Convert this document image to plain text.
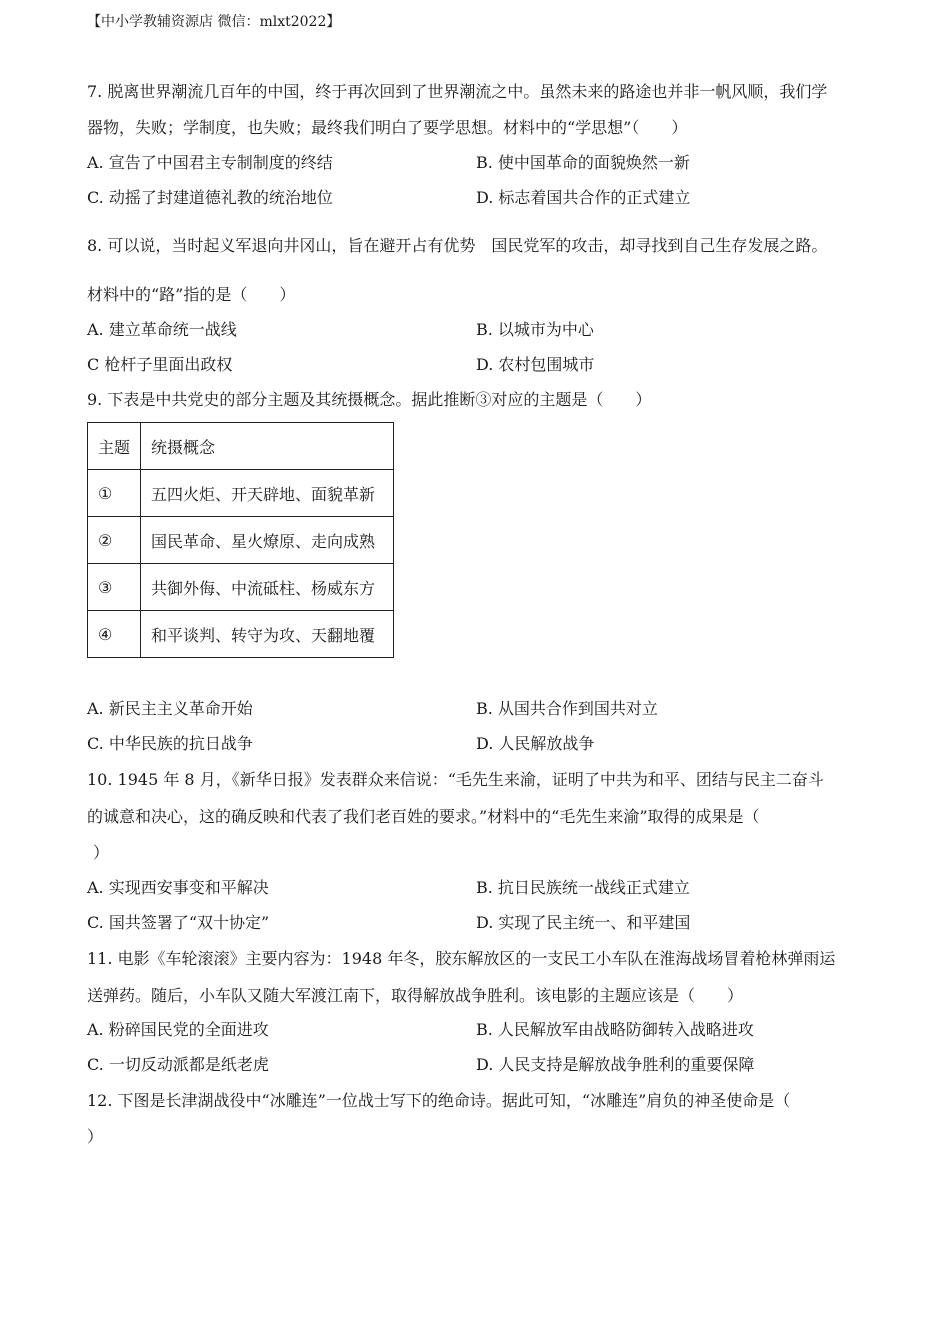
【中小学教辅资源店 微信：mlxt2022】
7. 脱离世界潮流几百年的中国，终于再次回到了世界潮流之中。虽然未来的路途也并非一帆风顺，我们学
器物，失败；学制度，也失败；最终我们明白了要学思想。材料中的“学思想”（　　）
A. 宣告了中国君主专制制度的终结	B. 使中国革命的面貌焕然一新
C. 动摇了封建道德礼教的统治地位	D. 标志着国共合作的正式建立
8. 可以说，当时起义军退向井冈山，旨在避开占有优势　国民党军的攻击，却寻找到自己生存发展之路。
材料中的“路”指的是（　　）
A. 建立革命统一战线	B. 以城市为中心
C 枪杆子里面出政权	D. 农村包围城市
9. 下表是中共党史的部分主题及其统摄概念。据此推断③对应的主题是（　　）
主题	统摄概念
①	五四火炬、开天辟地、面貌革新
②	国民革命、星火燎原、走向成熟
③	共御外侮、中流砥柱、杨威东方
④	和平谈判、转守为攻、天翻地覆
A. 新民主主义革命开始	B. 从国共合作到国共对立
C. 中华民族的抗日战争	D. 人民解放战争
10. 1945 年 8 月，《新华日报》发表群众来信说：“毛先生来渝，证明了中共为和平、团结与民主二奋斗
的诚意和决心，这的确反映和代表了我们老百姓的要求。”材料中的“毛先生来渝”取得的成果是（
）
A. 实现西安事变和平解决	B. 抗日民族统一战线正式建立
C. 国共签署了“双十协定”	D. 实现了民主统一、和平建国
11. 电影《车轮滚滚》主要内容为：1948 年冬，胶东解放区的一支民工小车队在淮海战场冒着枪林弹雨运
送弹药。随后，小车队又随大军渡江南下，取得解放战争胜利。该电影的主题应该是（　　）
A. 粉碎国民党的全面进攻	B. 人民解放军由战略防御转入战略进攻
C. 一切反动派都是纸老虎	D. 人民支持是解放战争胜利的重要保障
12. 下图是长津湖战役中“冰雕连”一位战士写下的绝命诗。据此可知，“冰雕连”肩负的神圣使命是（
）
